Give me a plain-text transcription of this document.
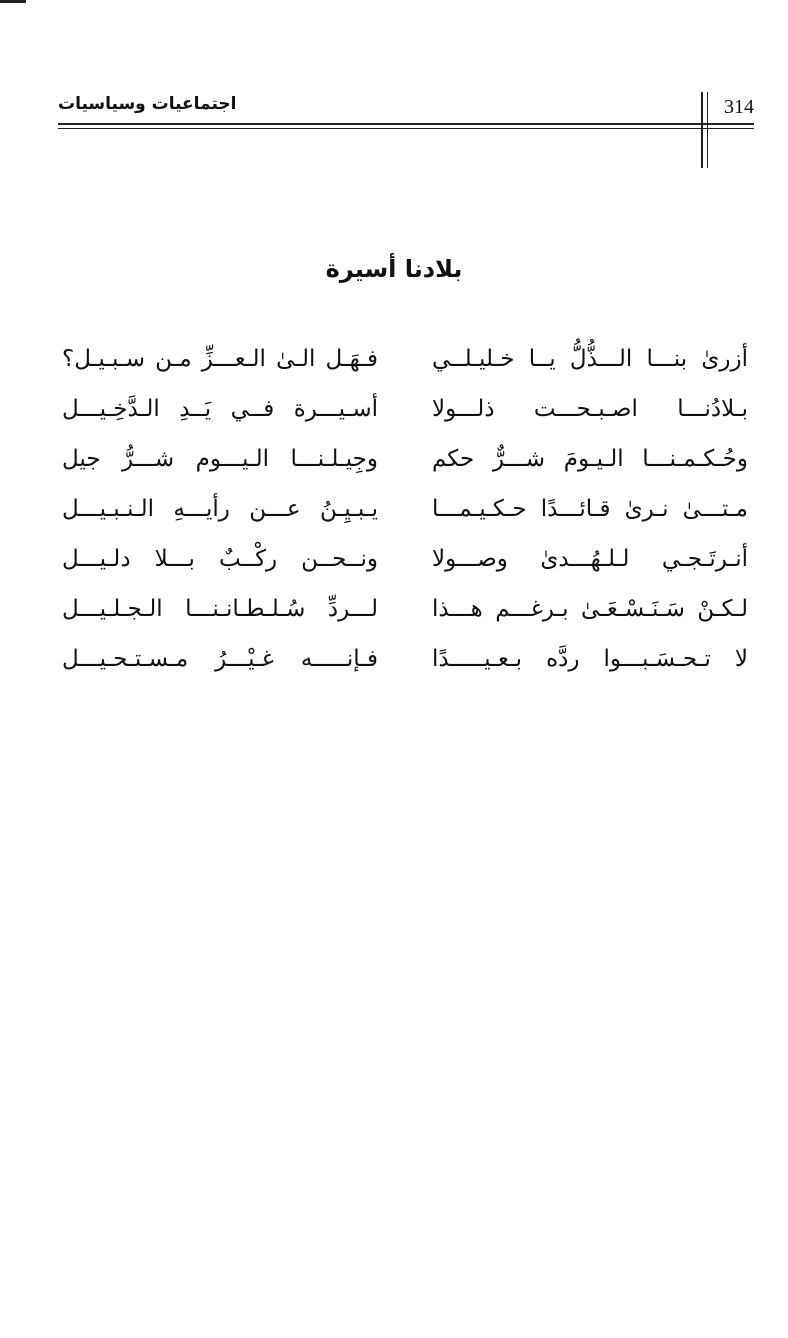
اجتماعيات وسياسيات	314
بلادنا أسيرة
أزرىٰ بنـــا الـــذُّلُّ يــا خـليـلــي
فـهَـل الـىٰ الـعـــزِّ مـن سـبـيـل؟
بـلادُنـــا اصـبـحـــت ذلـــولا
أسـيـــرة فــي يَــدِ الـدَّخِـيـــل
وحُـكـمـنـــا الـيـومَ شـــرٌّ حكم
وجِيـلـنـــا الـيـــوم شـــرُّ جيل
مـتـــىٰ نـرىٰ قـائـــدًا حـكـيـمـــا
يـبـيِـنُ عـــن رأيـــهِ الـنـبـيـــل
أنـرتَـجـي لـلـهُـــدىٰ وصـــولا
ونــحــن ركْــبٌ بـــلا دلـيـــل
لـكـنْ سَـنَـسْـعَـىٰ بـرغـــم هـــذا
لـــردِّ سُـلـطـانـنـــا الـجـلـيـــل
لا تـحـسَـبـــوا ردَّه بـعـيـــــدًا
فـإنـــــه غـيْـــرُ مـسـتـحـيـــل
